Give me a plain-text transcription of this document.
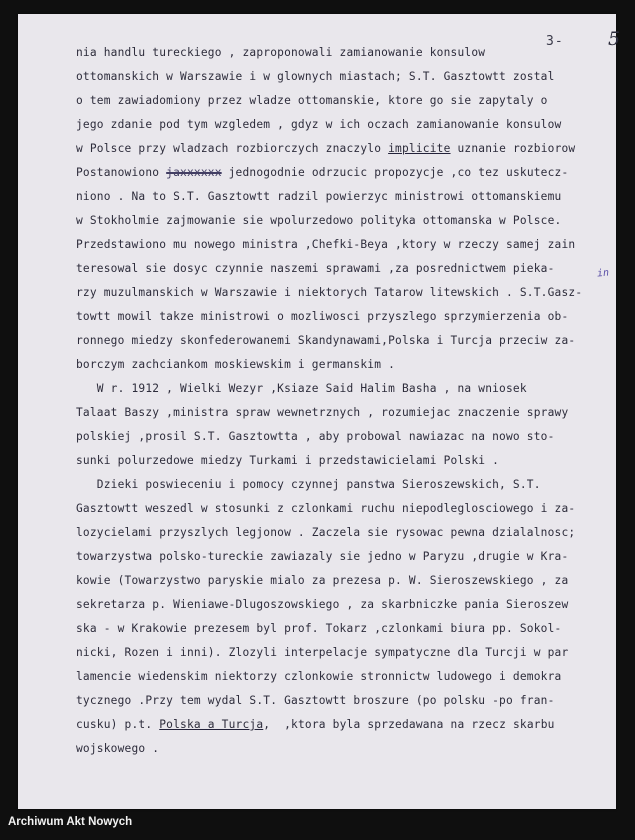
3- 5
in
nia handlu tureckiego , zaproponowali zamianowanie konsulow
ottomanskich w Warszawie i w glownych miastach; S.T. Gasztowtt zostal
o tem zawiadomiony przez wladze ottomanskie, ktore go sie zapytaly o
jego zdanie pod tym wzgledem , gdyz w ich oczach zamianowanie konsulow
w Polsce przy wladzach rozbiorczych znaczylo implicite uznanie rozbiorow
Postanowiono jaxxxxxx jednogodnie odrzucic propozycje ,co tez uskutecz-
niono . Na to S.T. Gasztowtt radzil powierzyc ministrowi ottomanskiemu
w Stokholmie zajmowanie sie wpolurzedowo polityka ottomanska w Polsce.
Przedstawiono mu nowego ministra ,Chefki-Beya ,ktory w rzeczy samej zain
teresowal sie dosyc czynnie naszemi sprawami ,za posrednictwem pieka-
rzy muzulmanskich w Warszawie i niektorych Tatarow litewskich . S.T.Gasz-
towtt mowil takze ministrowi o mozliwosci przyszlego sprzymierzenia ob-
ronnego miedzy skonfederowanemi Skandynawami,Polska i Turcja przeciw za-
borczym zachciankom moskiewskim i germanskim .
W r. 1912 , Wielki Wezyr ,Ksiaze Said Halim Basha , na wniosek
Talaat Baszy ,ministra spraw wewnetrznych , rozumiejac znaczenie sprawy
polskiej ,prosil S.T. Gasztowtta , aby probowal nawiazac na nowo sto-
sunki polurzedowe miedzy Turkami i przedstawicielami Polski .
Dzieki poswieceniu i pomocy czynnej panstwa Sieroszewskich, S.T.
Gasztowtt weszedl w stosunki z czlonkami ruchu niepodleglosciowego i za-
lozycielami przyszlych legjonow . Zaczela sie rysowac pewna dzialalnosc;
towarzystwa polsko-tureckie zawiazaly sie jedno w Paryzu ,drugie w Kra-
kowie (Towarzystwo paryskie mialo za prezesa p. W. Sieroszewskiego , za
sekretarza p. Wieniawe-Dlugoszowskiego , za skarbniczke pania Sieroszew
ska - w Krakowie prezesem byl prof. Tokarz ,czlonkami biura pp. Sokol-
nicki, Rozen i inni). Zlozyli interpelacje sympatyczne dla Turcji w par
lamencie wiedenskim niektorzy czlonkowie stronnictw ludowego i demokra
tycznego .Przy tem wydal S.T. Gasztowtt broszure (po polsku -po fran-
cusku) p.t. Polska a Turcja,  ,ktora byla sprzedawana na rzecz skarbu
wojskowego .
Archiwum Akt Nowych
